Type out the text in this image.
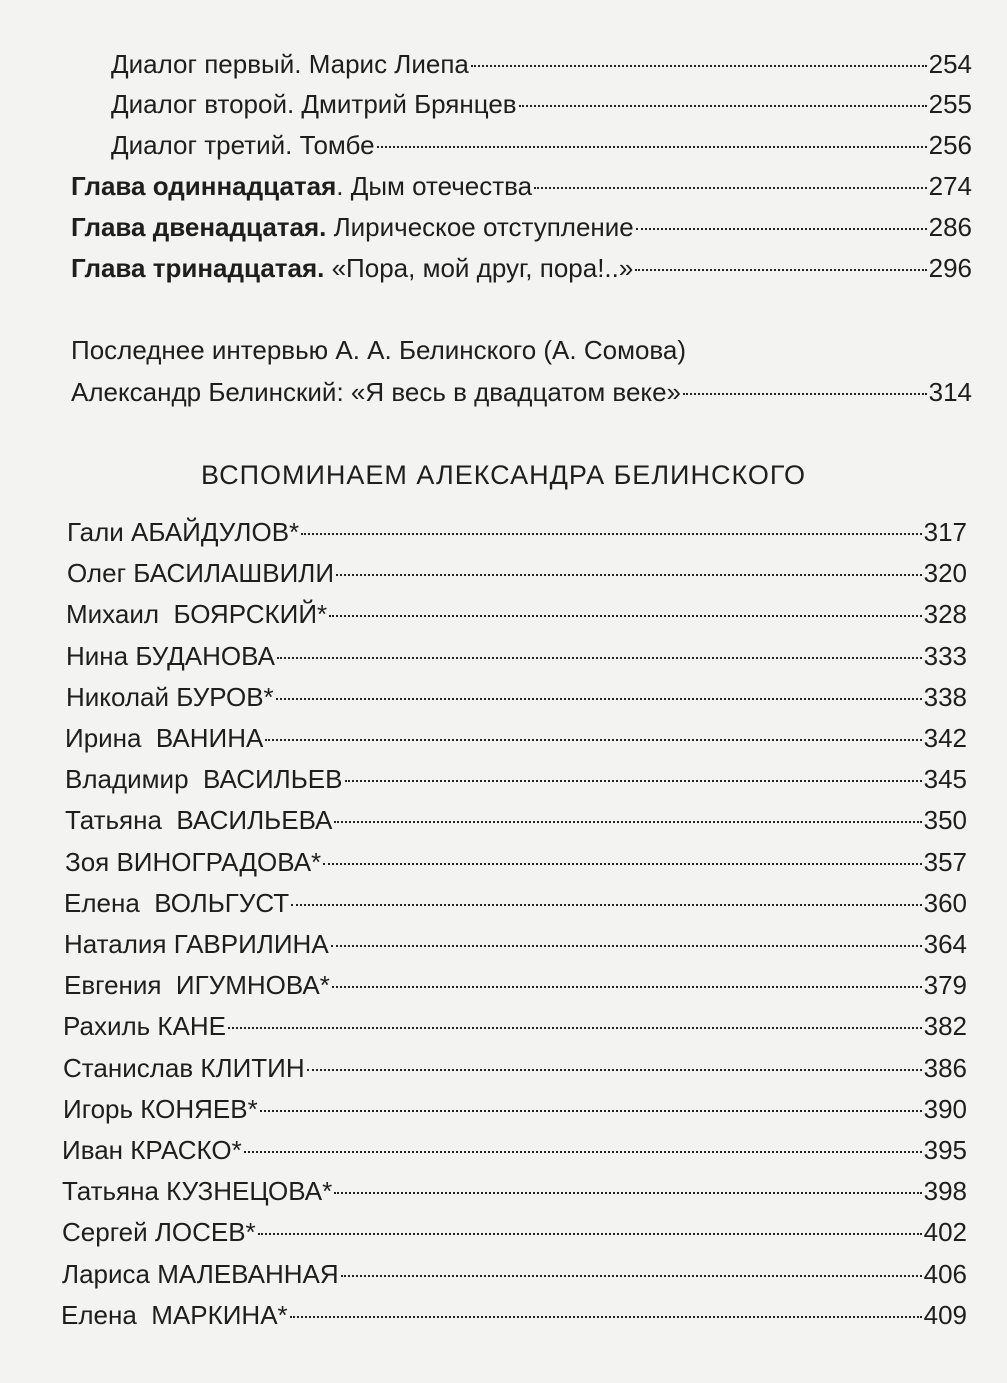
Диалог первый. Марис Лиепа	254
Диалог второй. Дмитрий Брянцев	255
Диалог третий. Томбе	256
Глава одиннадцатая. Дым отечества	274
Глава двенадцатая. Лирическое отступление	286
Глава тринадцатая. «Пора, мой друг, пора!..»	296
Последнее интервью А. А. Белинского (А. Сомова)
Александр Белинский: «Я весь в двадцатом веке»	314
ВСПОМИНАЕМ АЛЕКСАНДРА БЕЛИНСКОГО
Гали АБАЙДУЛОВ*	317
Олег БАСИЛАШВИЛИ	320
Михаил  БОЯРСКИЙ*	328
Нина БУДАНОВА	333
Николай БУРОВ*	338
Ирина  ВАНИНА	342
Владимир  ВАСИЛЬЕВ	345
Татьяна  ВАСИЛЬЕВА	350
Зоя ВИНОГРАДОВА*	357
Елена  ВОЛЬГУСТ	360
Наталия ГАВРИЛИНА	364
Евгения  ИГУМНОВА*	379
Рахиль КАНЕ	382
Станислав КЛИТИН	386
Игорь КОНЯЕВ*	390
Иван КРАСКО*	395
Татьяна КУЗНЕЦОВА*	398
Сергей ЛОСЕВ*	402
Лариса МАЛЕВАННАЯ	406
Елена  МАРКИНА*	409
